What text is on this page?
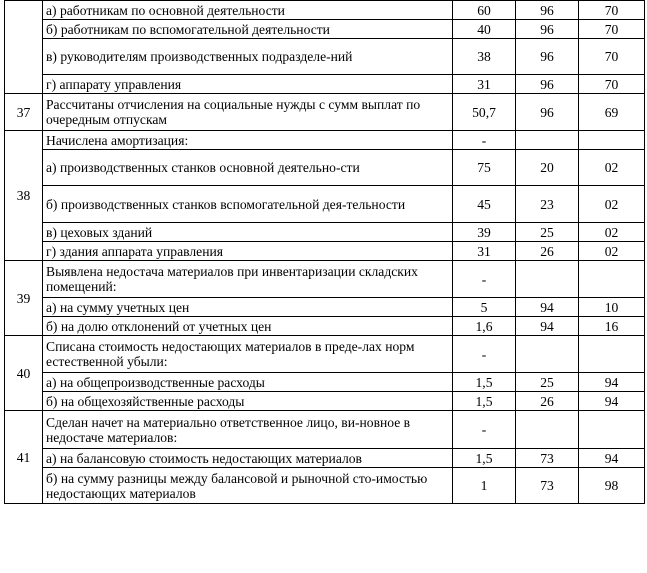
	а) работникам по основной деятельности	60	96	70
	б) работникам по вспомогательной деятельности	40	96	70
	в) руководителям производственных подразделе-ний	38	96	70
	г) аппарату управления	31	96	70
37	Рассчитаны отчисления на социальные нужды с сумм выплат по очередным отпускам	50,7	96	69
38	Начислена амортизация:	-		
	а) производственных станков основной деятельно-сти	75	20	02
	б) производственных станков вспомогательной дея-тельности	45	23	02
	в) цеховых зданий	39	25	02
	г) здания аппарата управления	31	26	02
39	Выявлена недостача материалов при инвентаризации складских помещений:	-		
	а) на сумму учетных цен	5	94	10
	б) на долю отклонений от учетных цен	1,6	94	16
40	Списана стоимость недостающих материалов в преде-лах норм естественной убыли:	-		
	а) на общепроизводственные расходы	1,5	25	94
	б) на общехозяйственные расходы	1,5	26	94
41	Сделан начет на материально ответственное лицо, ви-новное в недостаче материалов:	-		
	а) на балансовую стоимость недостающих материалов	1,5	73	94
	б) на сумму разницы между балансовой и рыночной сто-имостью недостающих материалов	1	73	98
